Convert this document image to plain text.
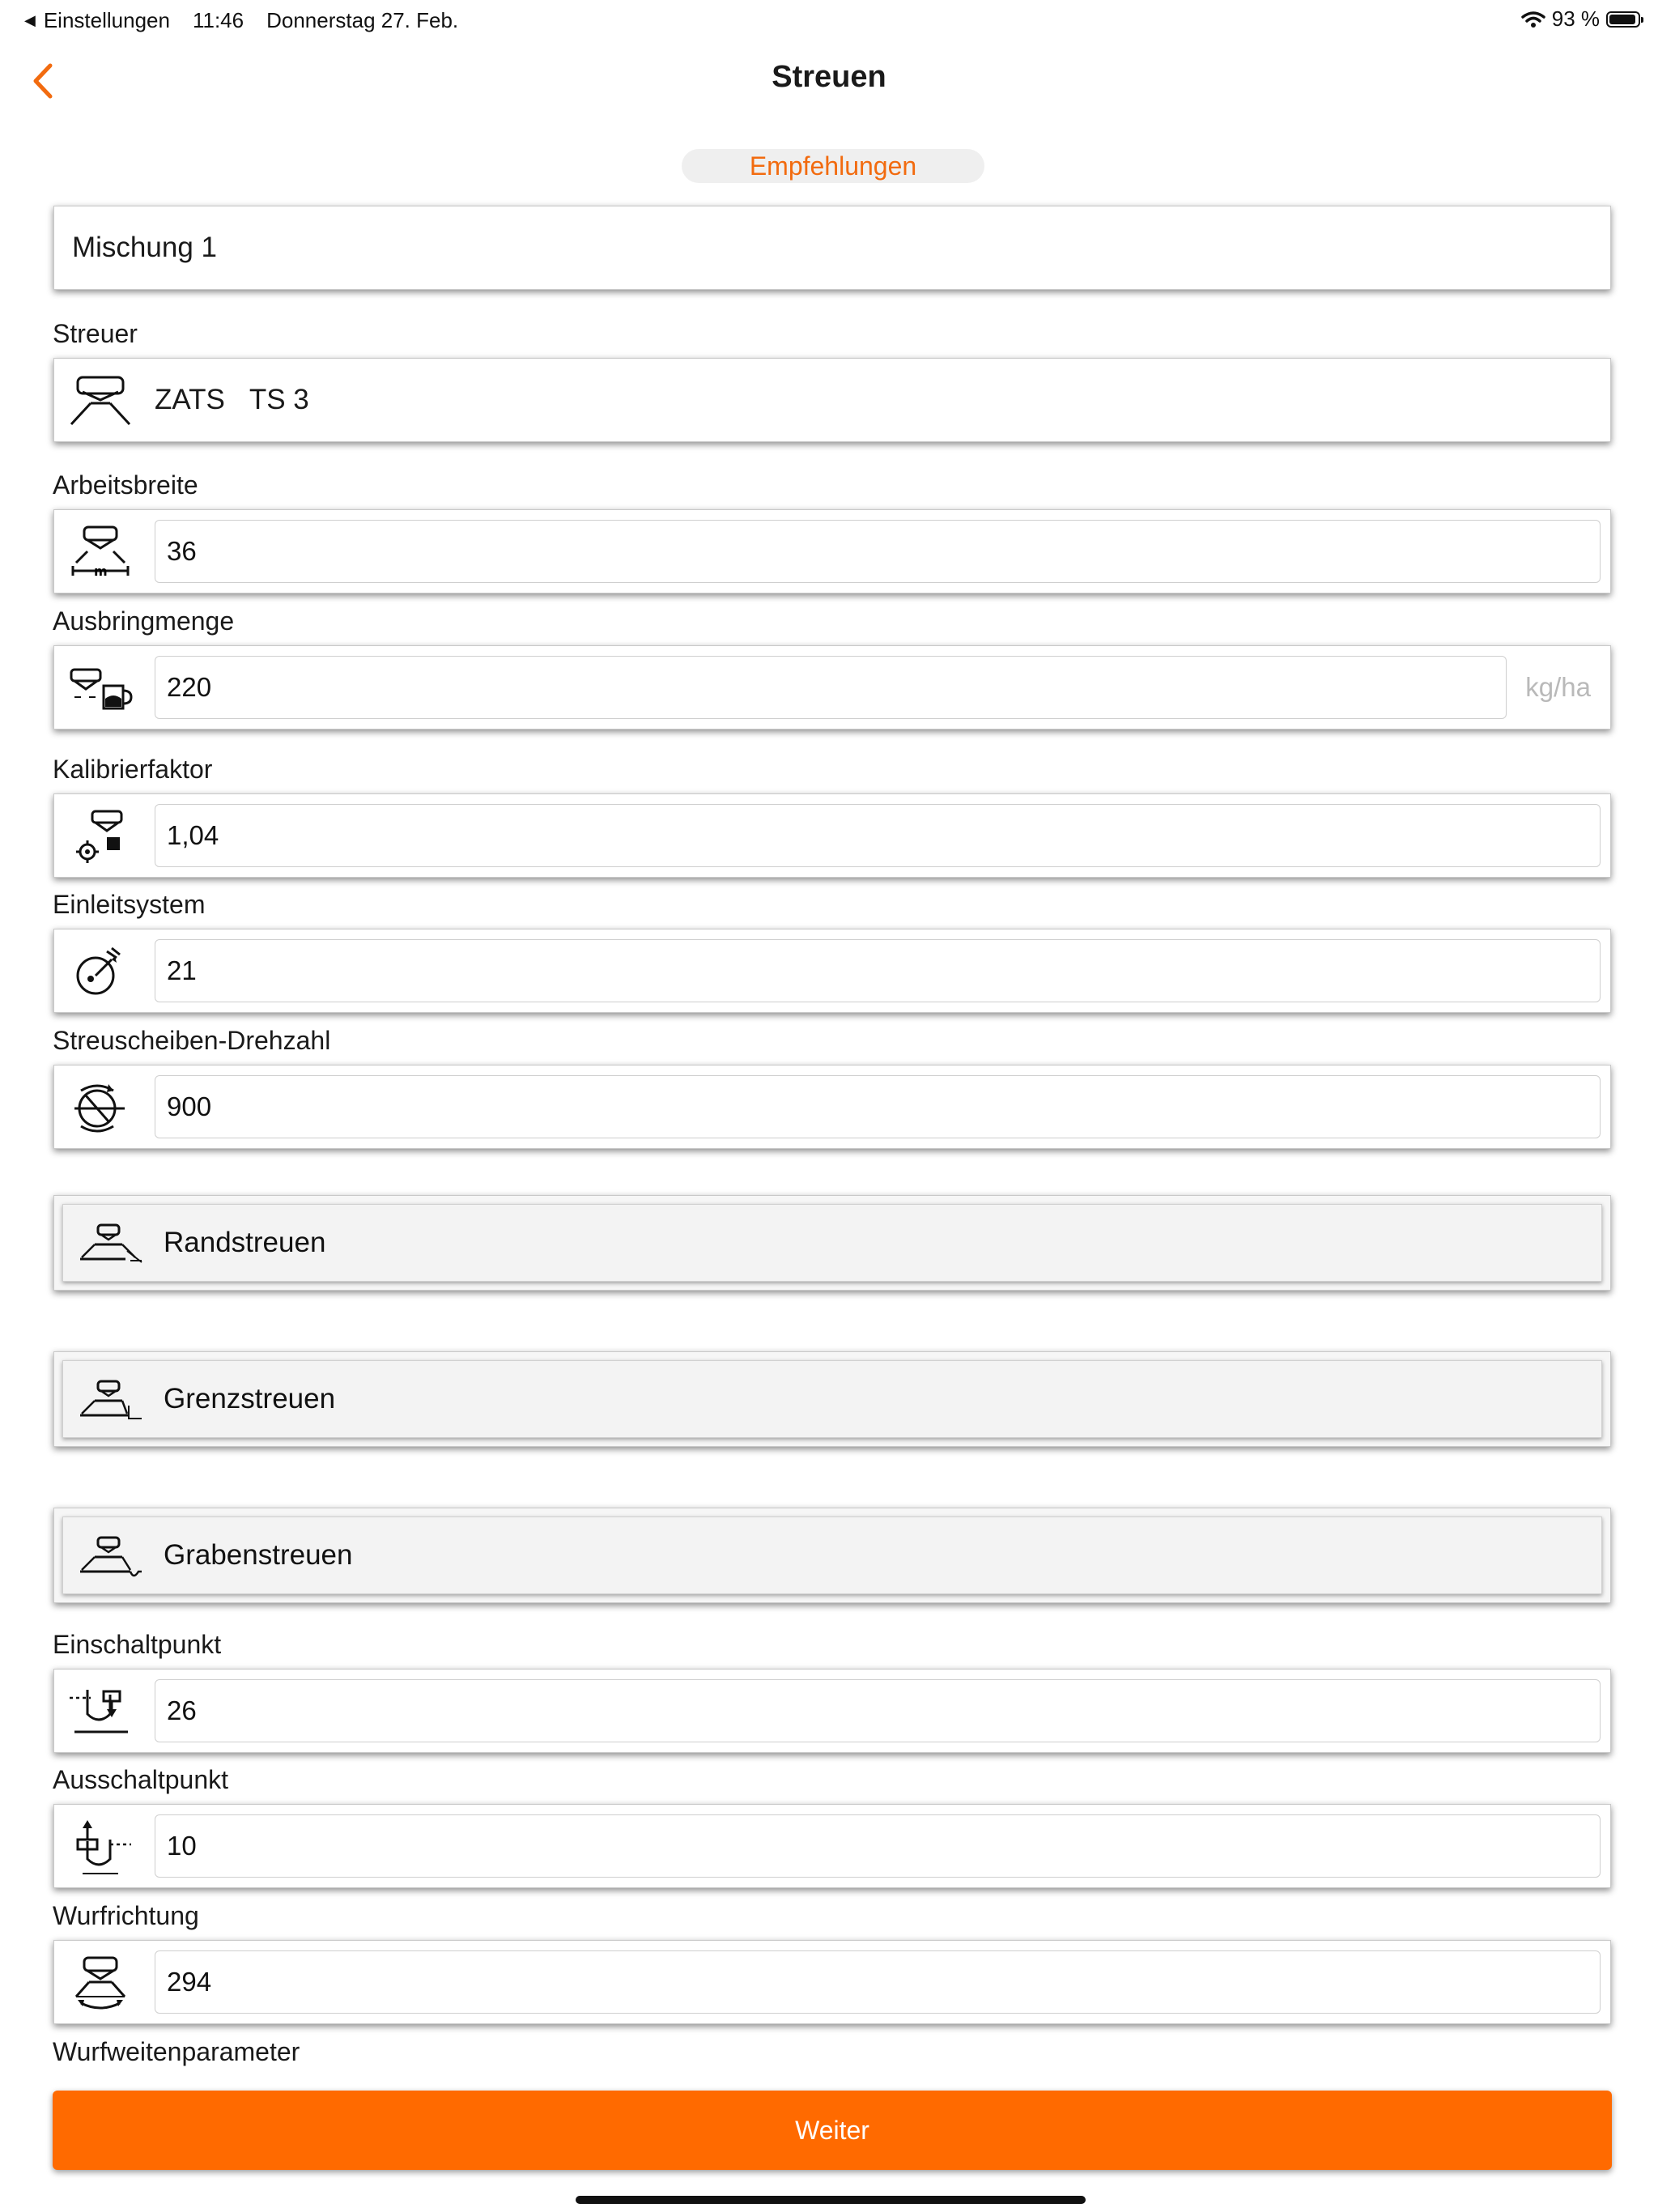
◀ Einstellungen 11:46 Donnerstag 27. Feb.	93 %
Streuen
Empfehlungen
Mischung 1
Streuer
ZATS TS 3
Arbeitsbreite
m
36
Ausbringmenge
220	kg/ha
Kalibrierfaktor
1,04
Einleitsystem
21
Streuscheiben-Drehzahl
900
Randstreuen
Grenzstreuen
Grabenstreuen
Einschaltpunkt
26
Ausschaltpunkt
10
Wurfrichtung
294
Wurfweitenparameter
Weiter
